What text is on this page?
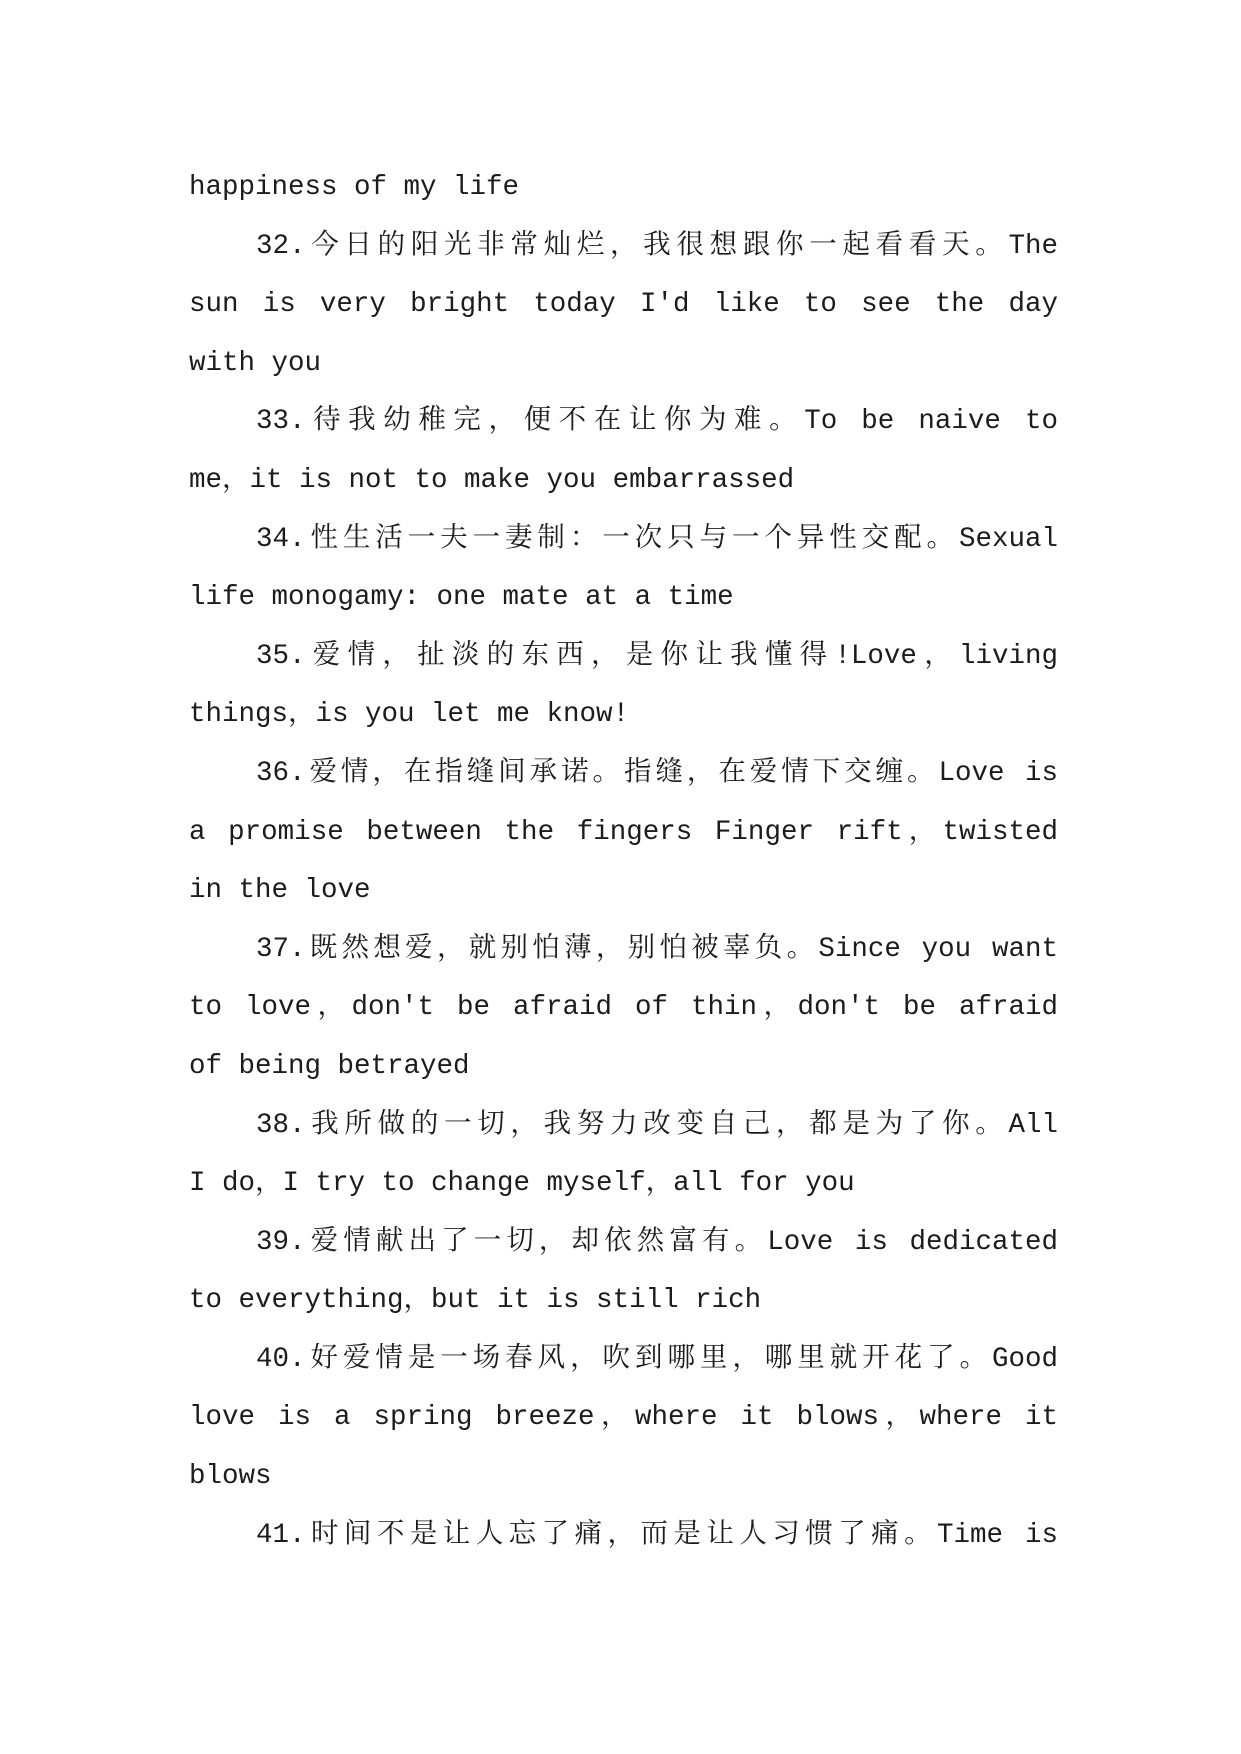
happiness of my life
32.今日的阳光非常灿烂，我很想跟你一起看看天。The
sun is very bright today I'd like to see the day
with you
33.待我幼稚完，便不在让你为难。To be naive to
me，it is not to make you embarrassed
34.性生活一夫一妻制：一次只与一个异性交配。Sexual
life monogamy: one mate at a time
35.爱情，扯淡的东西，是你让我懂得!Love，living
things，is you let me know!
36.爱情，在指缝间承诺。指缝，在爱情下交缠。Love is
a promise between the fingers Finger rift，twisted
in the love
37.既然想爱，就别怕薄，别怕被辜负。Since you want
to love，don't be afraid of thin，don't be afraid
of being betrayed
38.我所做的一切，我努力改变自己，都是为了你。All
I do，I try to change myself，all for you
39.爱情献出了一切，却依然富有。Love is dedicated
to everything，but it is still rich
40.好爱情是一场春风，吹到哪里，哪里就开花了。Good
love is a spring breeze，where it blows，where it
blows
41.时间不是让人忘了痛，而是让人习惯了痛。Time is
